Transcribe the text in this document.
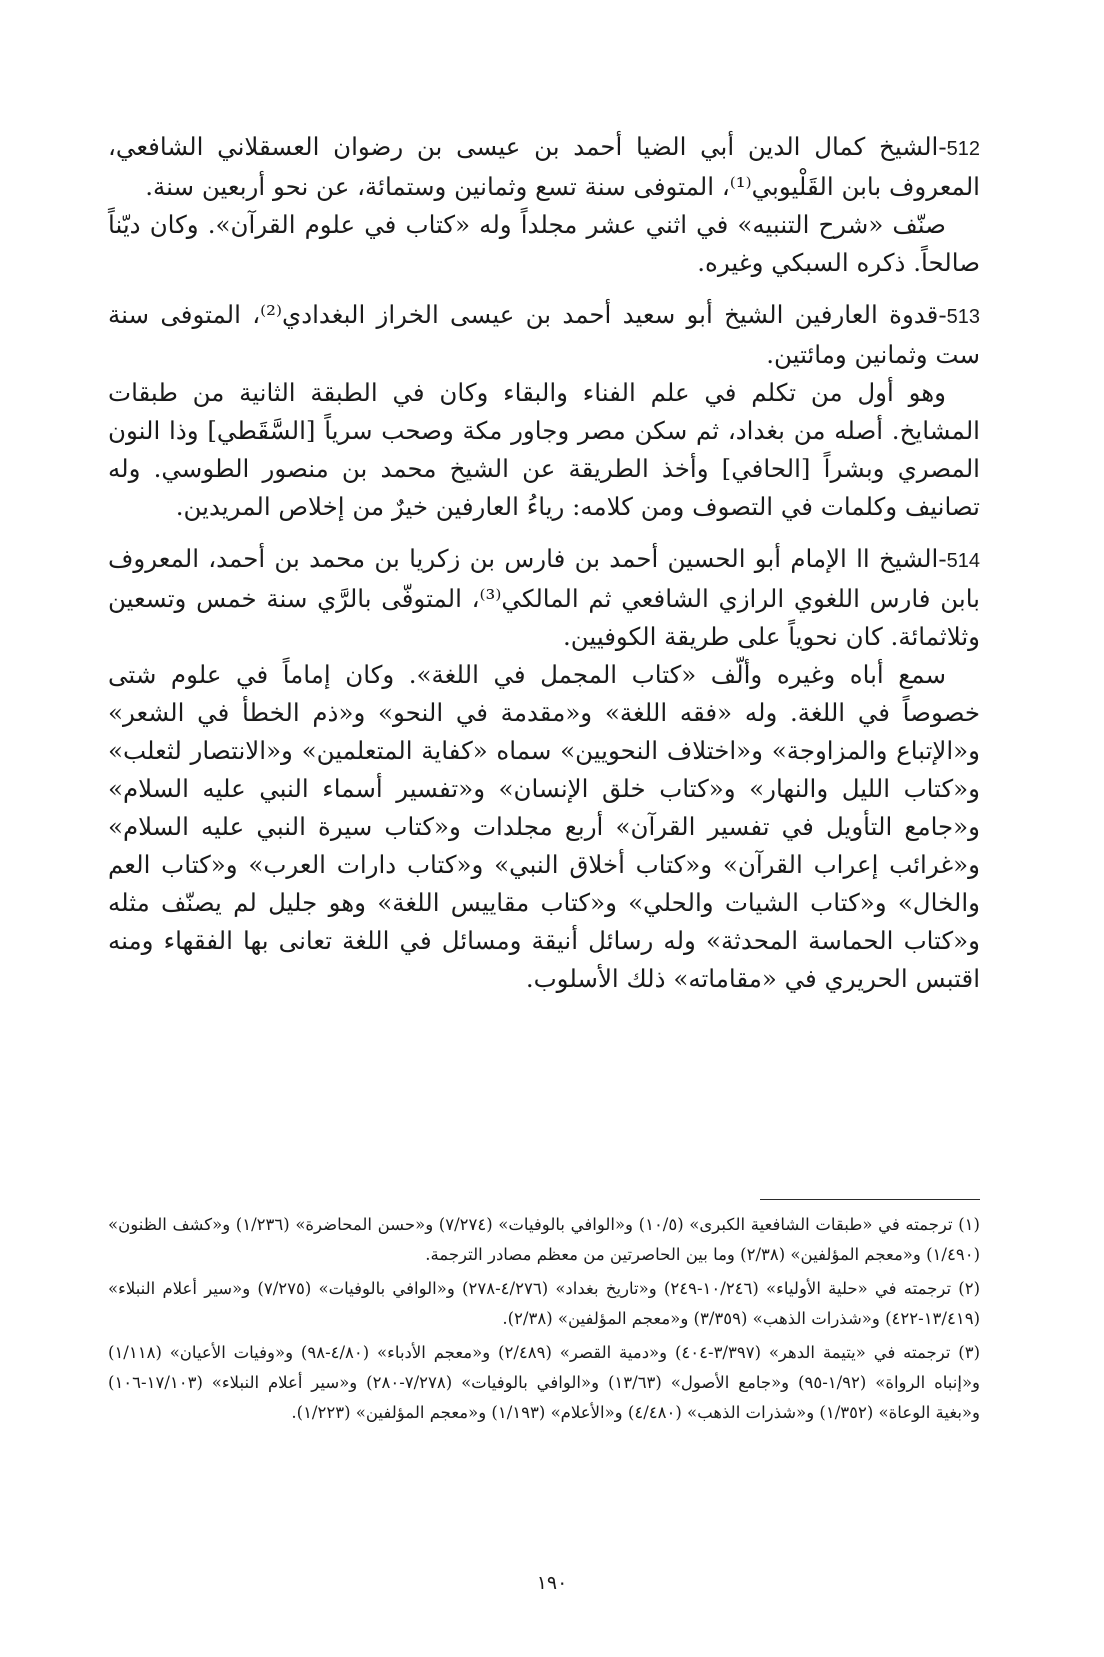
512-الشيخ كمال الدين أبي الضيا أحمد بن عيسى بن رضوان العسقلاني الشافعي، المعروف بابن القَلْيوبي⁽¹⁾، المتوفى سنة تسع وثمانين وستمائة، عن نحو أربعين سنة.

صنّف «شرح التنبيه» في اثني عشر مجلداً وله «كتاب في علوم القرآن». وكان ديّناً صالحاً. ذكره السبكي وغيره.

513-قدوة العارفين الشيخ أبو سعيد أحمد بن عيسى الخراز البغدادي⁽²⁾، المتوفى سنة ست وثمانين ومائتين.

وهو أول من تكلم في علم الفناء والبقاء وكان في الطبقة الثانية من طبقات المشايخ. أصله من بغداد، ثم سكن مصر وجاور مكة وصحب سرياً [السَّقَطي] وذا النون المصري وبشراً [الحافي] وأخذ الطريقة عن الشيخ محمد بن منصور الطوسي. وله تصانيف وكلمات في التصوف ومن كلامه: رياءُ العارفين خيرٌ من إخلاص المريدين.

514-الشيخ اا الإمام أبو الحسين أحمد بن فارس بن زكريا بن محمد بن أحمد، المعروف بابن فارس اللغوي الرازي الشافعي ثم المالكي⁽³⁾، المتوفّى بالرَّي سنة خمس وتسعين وثلاثمائة. كان نحوياً على طريقة الكوفيين.

سمع أباه وغيره وألّف «كتاب المجمل في اللغة». وكان إماماً في علوم شتى خصوصاً في اللغة. وله «فقه اللغة» و«مقدمة في النحو» و«ذم الخطأ في الشعر» و«الإتباع والمزاوجة» و«اختلاف النحويين» سماه «كفاية المتعلمين» و«الانتصار لثعلب» و«كتاب الليل والنهار» و«كتاب خلق الإنسان» و«تفسير أسماء النبي عليه السلام» و«جامع التأويل في تفسير القرآن» أربع مجلدات و«كتاب سيرة النبي عليه السلام» و«غرائب إعراب القرآن» و«كتاب أخلاق النبي» و«كتاب دارات العرب» و«كتاب العم والخال» و«كتاب الشيات والحلي» و«كتاب مقاييس اللغة» وهو جليل لم يصنّف مثله و«كتاب الحماسة المحدثة» وله رسائل أنيقة ومسائل في اللغة تعانى بها الفقهاء ومنه اقتبس الحريري في «مقاماته» ذلك الأسلوب.

(١) ترجمته في «طبقات الشافعية الكبرى» (١٠/٥) و«الوافي بالوفيات» (٧/٢٧٤) و«حسن المحاضرة» (١/٢٣٦) و«كشف الظنون» (١/٤٩٠) و«معجم المؤلفين» (٢/٣٨) وما بين الحاصرتين من معظم مصادر الترجمة.

(٢) ترجمته في «حلية الأولياء» (١٠/٢٤٦-٢٤٩) و«تاريخ بغداد» (٤/٢٧٦-٢٧٨) و«الوافي بالوفيات» (٧/٢٧٥) و«سير أعلام النبلاء» (١٣/٤١٩-٤٢٢) و«شذرات الذهب» (٣/٣٥٩) و«معجم المؤلفين» (٢/٣٨).

(٣) ترجمته في «يتيمة الدهر» (٣/٣٩٧-٤٠٤) و«دمية القصر» (٢/٤٨٩) و«معجم الأدباء» (٤/٨٠-٩٨) و«وفيات الأعيان» (١/١١٨) و«إنباه الرواة» (١/٩٢-٩٥) و«جامع الأصول» (١٣/٦٣) و«الوافي بالوفيات» (٧/٢٧٨-٢٨٠) و«سير أعلام النبلاء» (١٧/١٠٣-١٠٦) و«بغية الوعاة» (١/٣٥٢) و«شذرات الذهب» (٤/٤٨٠) و«الأعلام» (١/١٩٣) و«معجم المؤلفين» (١/٢٢٣).

١٩٠
